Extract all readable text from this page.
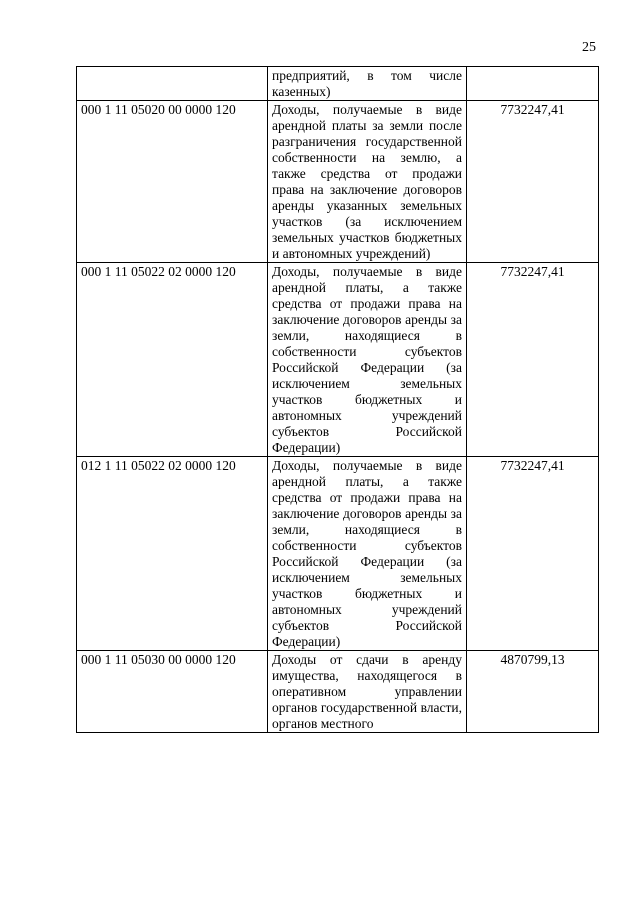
25
	предприятий, в том числе казенных)	
000 1 11 05020 00 0000 120	Доходы, получаемые в виде арендной платы за земли после разграничения государственной собственности на землю, а также средства от продажи права на заключение договоров аренды указанных земельных участков (за исключением земельных участков бюджетных и автономных учреждений)	7732247,41
000 1 11 05022 02 0000 120	Доходы, получаемые в виде арендной платы, а также средства от продажи права на заключение договоров аренды за земли, находящиеся в собственности субъектов Российской Федерации (за исключением земельных участков бюджетных и автономных учреждений субъектов Российской Федерации)	7732247,41
012 1 11 05022 02 0000 120	Доходы, получаемые в виде арендной платы, а также средства от продажи права на заключение договоров аренды за земли, находящиеся в собственности субъектов Российской Федерации (за исключением земельных участков бюджетных и автономных учреждений субъектов Российской Федерации)	7732247,41
000 1 11 05030 00 0000 120	Доходы от сдачи в аренду имущества, находящегося в оперативном управлении органов государственной власти, органов местного	4870799,13
